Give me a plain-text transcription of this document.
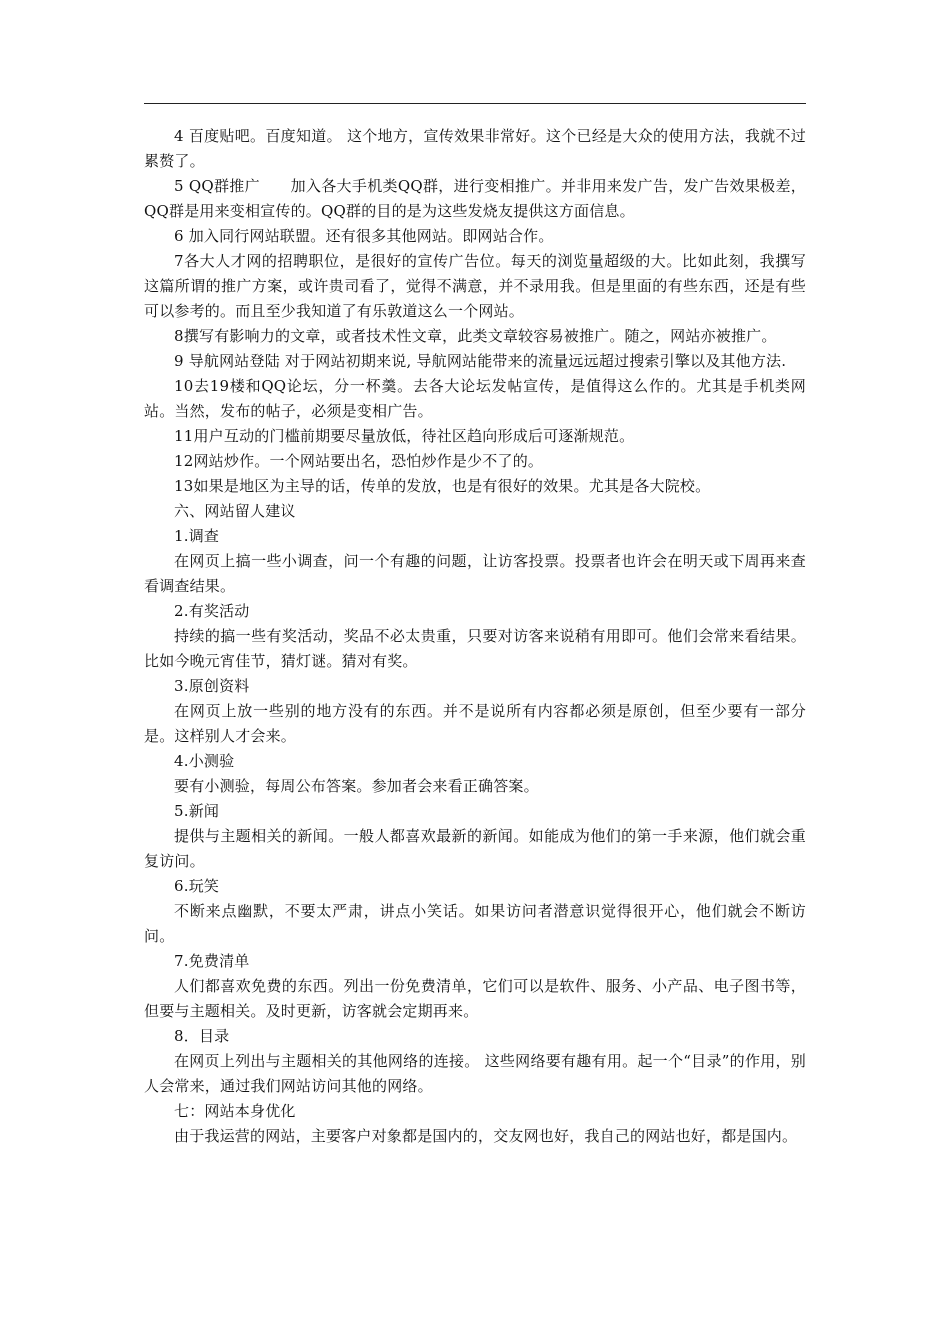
4 百度贴吧。百度知道。 这个地方，宣传效果非常好。这个已经是大众的使用方法，我就不过累赘了。

5 QQ群推广　　加入各大手机类QQ群，进行变相推广。并非用来发广告，发广告效果极差，QQ群是用来变相宣传的。QQ群的目的是为这些发烧友提供这方面信息。

6 加入同行网站联盟。还有很多其他网站。即网站合作。

7各大人才网的招聘职位，是很好的宣传广告位。每天的浏览量超级的大。比如此刻，我撰写这篇所谓的推广方案，或许贵司看了，觉得不满意，并不录用我。但是里面的有些东西，还是有些可以参考的。而且至少我知道了有乐敦道这么一个网站。

8撰写有影响力的文章，或者技术性文章，此类文章较容易被推广。随之，网站亦被推广。

9 导航网站登陆 对于网站初期来说, 导航网站能带来的流量远远超过搜索引擎以及其他方法.

10去19楼和QQ论坛，分一杯羹。去各大论坛发帖宣传，是值得这么作的。尤其是手机类网站。当然，发布的帖子，必须是变相广告。

11用户互动的门槛前期要尽量放低，待社区趋向形成后可逐渐规范。

12网站炒作。一个网站要出名，恐怕炒作是少不了的。

13如果是地区为主导的话，传单的发放，也是有很好的效果。尤其是各大院校。

六、网站留人建议

1.调查

在网页上搞一些小调查，问一个有趣的问题，让访客投票。投票者也许会在明天或下周再来查看调查结果。

2.有奖活动

持续的搞一些有奖活动，奖品不必太贵重，只要对访客来说稍有用即可。他们会常来看结果。比如今晚元宵佳节，猜灯谜。猜对有奖。

3.原创资料

在网页上放一些别的地方没有的东西。并不是说所有内容都必须是原创，但至少要有一部分是。这样别人才会来。

4.小测验

要有小测验，每周公布答案。参加者会来看正确答案。

5.新闻

提供与主题相关的新闻。一般人都喜欢最新的新闻。如能成为他们的第一手来源，他们就会重复访问。

6.玩笑

不断来点幽默，不要太严肃，讲点小笑话。如果访问者潜意识觉得很开心，他们就会不断访问。

7.免费清单

人们都喜欢免费的东西。列出一份免费清单，它们可以是软件、服务、小产品、电子图书等，但要与主题相关。及时更新，访客就会定期再来。

8．目录

在网页上列出与主题相关的其他网络的连接。 这些网络要有趣有用。起一个“目录”的作用，别人会常来，通过我们网站访问其他的网络。

七：网站本身优化

由于我运营的网站，主要客户对象都是国内的，交友网也好，我自己的网站也好，都是国内。
